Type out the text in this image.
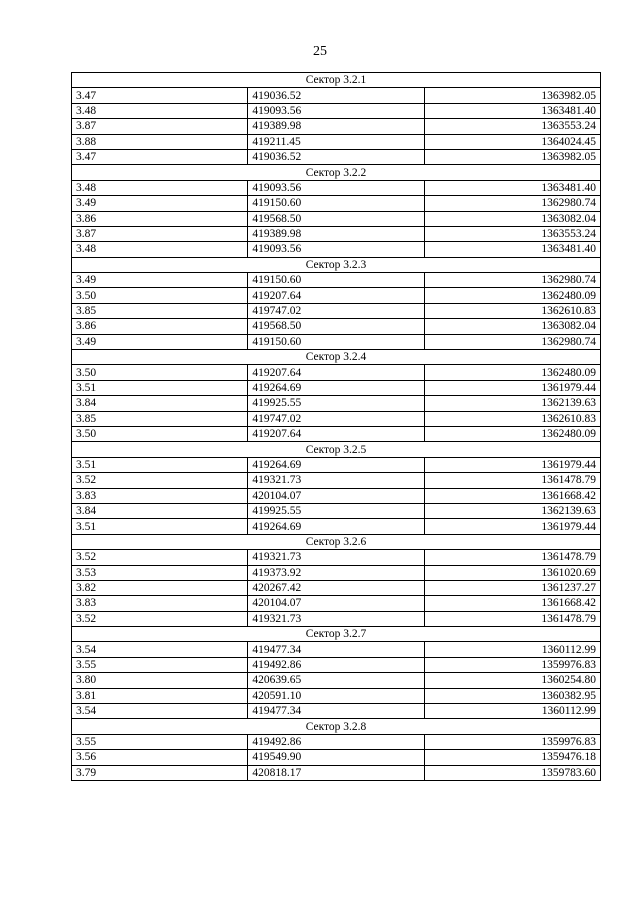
25
Сектор 3.2.1		
3.47	419036.52	1363982.05
3.48	419093.56	1363481.40
3.87	419389.98	1363553.24
3.88	419211.45	1364024.45
3.47	419036.52	1363982.05
Сектор 3.2.2		
3.48	419093.56	1363481.40
3.49	419150.60	1362980.74
3.86	419568.50	1363082.04
3.87	419389.98	1363553.24
3.48	419093.56	1363481.40
Сектор 3.2.3		
3.49	419150.60	1362980.74
3.50	419207.64	1362480.09
3.85	419747.02	1362610.83
3.86	419568.50	1363082.04
3.49	419150.60	1362980.74
Сектор 3.2.4		
3.50	419207.64	1362480.09
3.51	419264.69	1361979.44
3.84	419925.55	1362139.63
3.85	419747.02	1362610.83
3.50	419207.64	1362480.09
Сектор 3.2.5		
3.51	419264.69	1361979.44
3.52	419321.73	1361478.79
3.83	420104.07	1361668.42
3.84	419925.55	1362139.63
3.51	419264.69	1361979.44
Сектор 3.2.6		
3.52	419321.73	1361478.79
3.53	419373.92	1361020.69
3.82	420267.42	1361237.27
3.83	420104.07	1361668.42
3.52	419321.73	1361478.79
Сектор 3.2.7		
3.54	419477.34	1360112.99
3.55	419492.86	1359976.83
3.80	420639.65	1360254.80
3.81	420591.10	1360382.95
3.54	419477.34	1360112.99
Сектор 3.2.8		
3.55	419492.86	1359976.83
3.56	419549.90	1359476.18
3.79	420818.17	1359783.60
